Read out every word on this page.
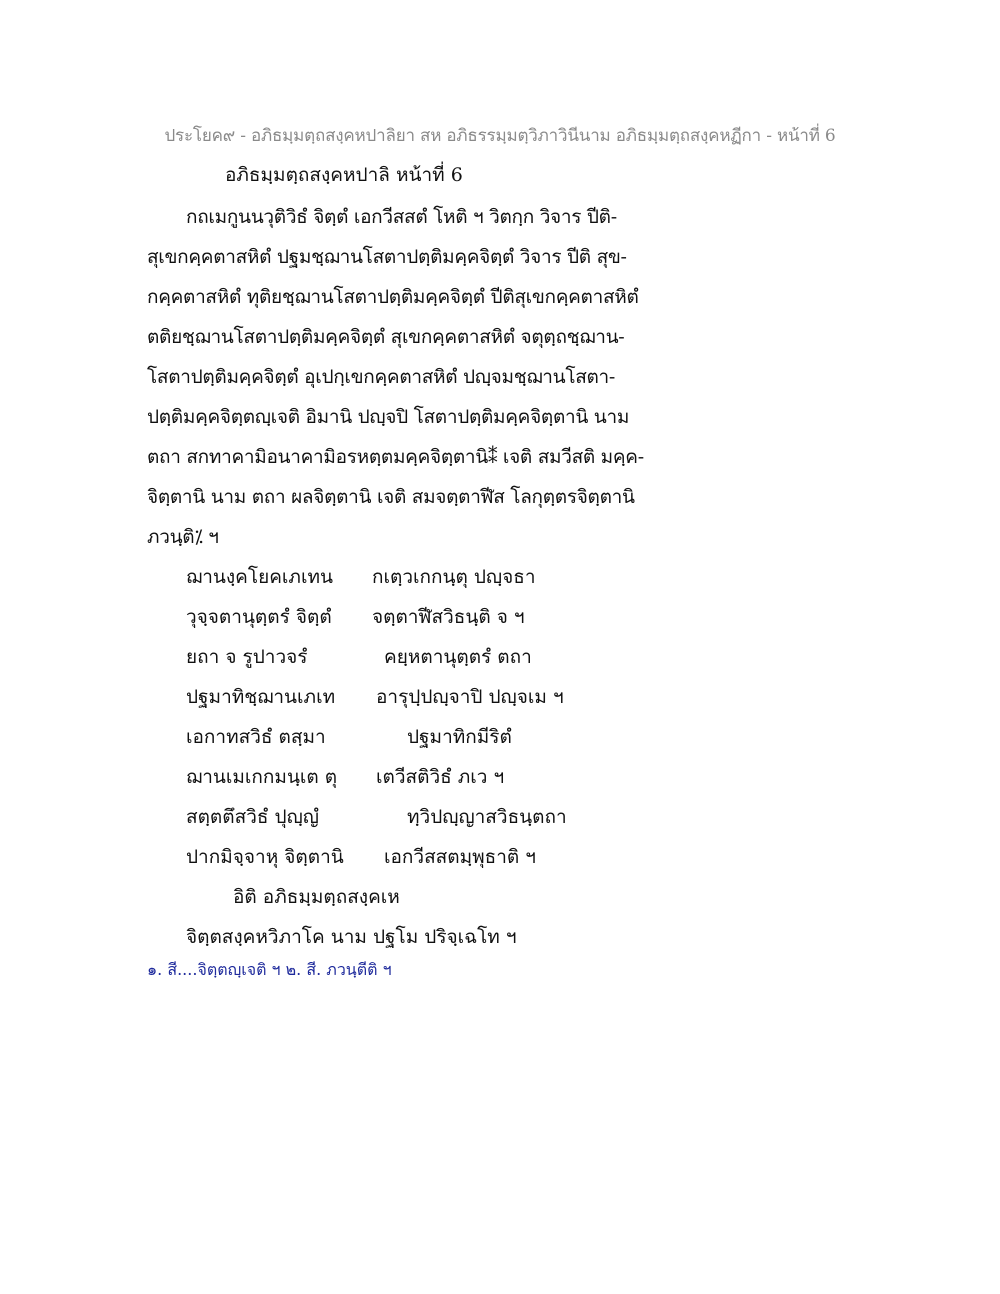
ประโยค๙ - อภิธมฺมตฺถสงฺคหปาลิยา สห อภิธรรมฺมตฺวิภาวินีนาม อภิธมฺมตฺถสงฺคหฏีกา - หน้าที่ 6
อภิธมฺมตฺถสงฺคหปาลิ หน้าที่ 6
กถเมกูนนวุติวิธํ จิตฺตํ เอกวีสสตํ โหติ ฯ วิตกฺก วิจาร ปีติ-
สุเขกคฺคตาสหิตํ ปฐมชฺฌานโสตาปตฺติมคฺคจิตฺตํ วิจาร ปีติ สุข-
กคฺคตาสหิตํ ทุติยชฺฌานโสตาปตฺติมคฺคจิตฺตํ ปีติสุเขกคฺคตาสหิตํ
ตติยชฺฌานโสตาปตฺติมคฺคจิตฺตํ สุเขกคฺคตาสหิตํ จตุตฺถชฺฌาน-
โสตาปตฺติมคฺคจิตฺตํ อุเปกฺเขกคฺคตาสหิตํ ปญฺจมชฺฌานโสตา-
ปตฺติมคฺคจิตฺตญฺเจติ อิมานิ ปญฺจปิ โสตาปตฺติมคฺคจิตฺตานิ นาม
ตถา สกทาคามิอนาคามิอรหตฺตมคฺคจิตฺตานิ⁑ เจติ สมวีสติ มคฺค-
จิตฺตานิ นาม ตถา ผลจิตฺตานิ เจติ สมจตฺตาฬีส โลกุตฺตรจิตฺตานิ
ภวนฺติ⁒ ฯ
ฌานงฺคโยคเภเทน กเตฺวเกกนฺตุ ปญฺจธา
วุจฺจตานุตฺตรํ จิตฺตํ จตฺตาฬีสวิธนฺติ จ ฯ
ยถา จ รูปาวจรํ	คยฺหตานุตฺตรํ ตถา
ปฐมาทิชฺฌานเภเท อารุปฺปญฺจาปิ ปญฺจเม ฯ
เอกาทสวิธํ ตสฺมา	ปฐมาทิกมีริตํ
ฌานเมเกกมนฺเต ตุ เตวีสติวิธํ ภเว ฯ
สตฺตตึสวิธํ ปุญฺญํ	ทฺวิปญฺญาสวิธนฺตถา
ปากมิจฺจาหุ จิตฺตานิ เอกวีสสตมฺพุธาติ ฯ
อิติ อภิธมฺมตฺถสงฺคเห
จิตฺตสงฺคหวิภาโค นาม ปฐโม ปริจฺเฉโท ฯ
๑. สี....จิตฺตญฺเจติ ฯ ๒. สี. ภวนฺตีติ ฯ
